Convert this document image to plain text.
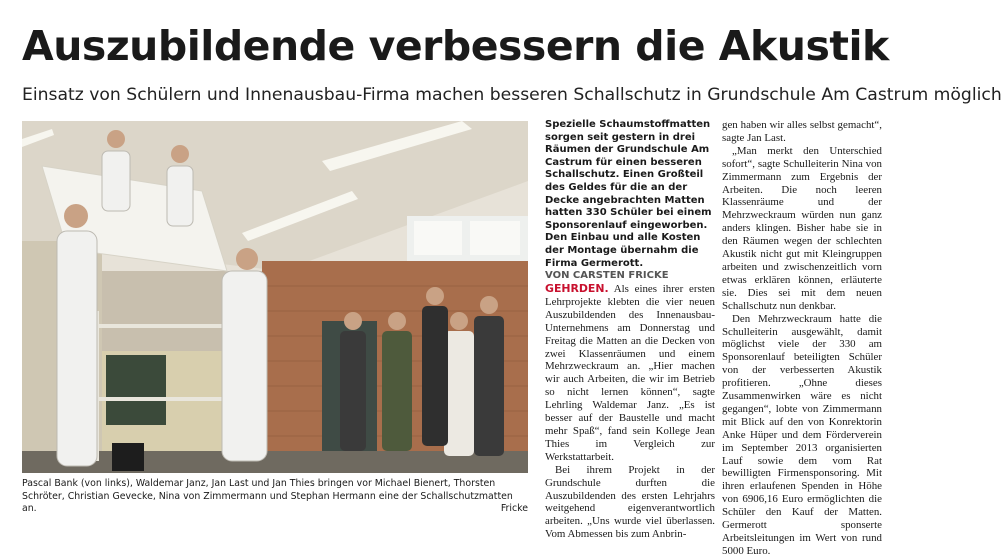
Auszubildende verbessern die Akustik
Einsatz von Schülern und Innenausbau-Firma machen besseren Schallschutz in Grundschule Am Castrum möglich
Pascal Bank (von links), Waldemar Janz, Jan Last und Jan Thies bringen vor Michael Bienert, Thorsten Schröter, Christian Gevecke, Nina von Zimmermann und Stephan Hermann eine der Schallschutzmatten an.	Fricke

Spezielle Schaumstoffmatten sorgen seit gestern in drei Räumen der Grundschule Am Castrum für einen besseren Schallschutz. Einen Großteil des Geldes für die an der Decke angebrachten Matten hatten 330 Schüler bei einem Sponsorenlauf eingeworben. Den Einbau und alle Kosten der Montage übernahm die Firma Germerott.

VON CARSTEN FRICKE

GEHRDEN. Als eines ihrer ersten Lehrprojekte klebten die vier neuen Auszubildenden des Innenausbau-Unternehmens am Donnerstag und Freitag die Matten an die Decken von zwei Klassenräumen und einem Mehrzweckraum an. „Hier machen wir auch Arbeiten, die wir im Betrieb so nicht lernen können“, sagte Lehrling Waldemar Janz. „Es ist besser auf der Baustelle und macht mehr Spaß“, fand sein Kollege Jean Thies im Vergleich zur Werkstattarbeit.

Bei ihrem Projekt in der Grundschule durften die Auszubildenden des ersten Lehrjahrs weitgehend eigenverantwortlich arbeiten. „Uns wurde viel überlassen. Vom Abmessen bis zum Anbrin-

gen haben wir alles selbst gemacht“, sagte Jan Last.

„Man merkt den Unterschied sofort“, sagte Schulleiterin Nina von Zimmermann zum Ergebnis der Arbeiten. Die noch leeren Klassenräume und der Mehrzweckraum würden nun ganz anders klingen. Bisher habe sie in den Räumen wegen der schlechten Akustik nicht gut mit Kleingruppen arbeiten und zwischenzeitlich vorn etwas erklären können, erläuterte sie. Dies sei mit dem neuen Schallschutz nun denkbar.

Den Mehrzweckraum hatte die Schulleiterin ausgewählt, damit möglichst viele der 330 am Sponsorenlauf beteiligten Schüler von der verbesserten Akustik profitieren. „Ohne dieses Zusammenwirken wäre es nicht gegangen“, lobte von Zimmermann mit Blick auf den von Konrektorin Anke Hüper und dem Förderverein im September 2013 organisierten Lauf sowie dem vom Rat bewilligten Firmensponsoring. Mit ihren erlaufenen Spenden in Höhe von 6906,16 Euro ermöglichten die Schüler den Kauf der Matten. Germerott sponserte Arbeitsleitungen im Wert von rund 5000 Euro.
